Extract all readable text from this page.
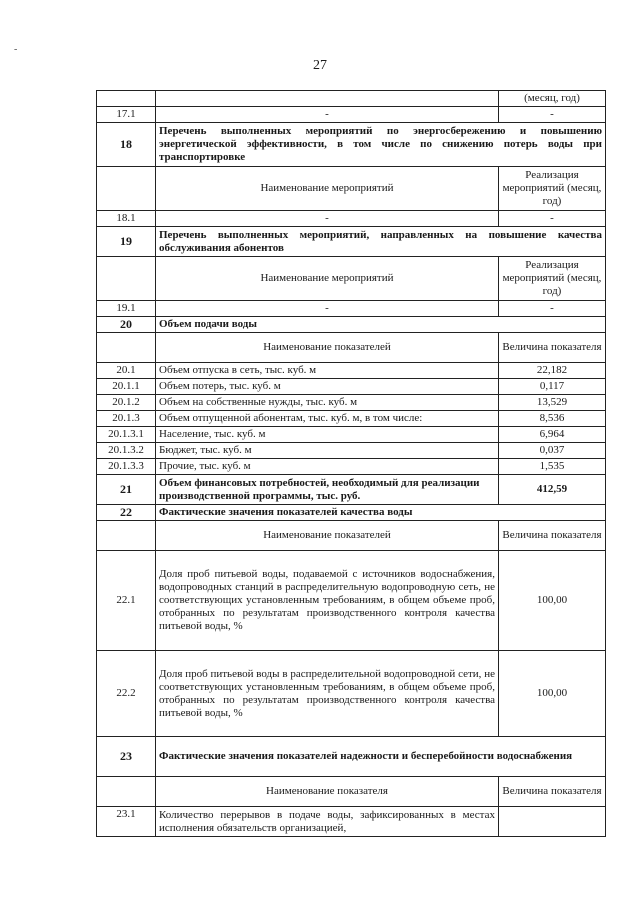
-
27
		(месяц, год)
17.1	-	-
18	Перечень выполненных мероприятий по энергосбережению и повышению энергетической эффективности, в том числе по снижению потерь воды при транспортировке	
	Наименование мероприятий	Реализация мероприятий (месяц, год)
18.1	-	-
19	Перечень выполненных мероприятий, направленных на повышение качества обслуживания абонентов	
	Наименование мероприятий	Реализация мероприятий (месяц, год)
19.1	-	-
20	Объем подачи воды	
	Наименование показателей	Величина показателя
20.1	Объем отпуска в сеть, тыс. куб. м	22,182
20.1.1	Объем потерь, тыс. куб. м	0,117
20.1.2	Объем на собственные нужды, тыс. куб. м	13,529
20.1.3	Объем отпущенной абонентам, тыс. куб. м, в том числе:	8,536
20.1.3.1	Население, тыс. куб. м	6,964
20.1.3.2	Бюджет, тыс. куб. м	0,037
20.1.3.3	Прочие, тыс. куб. м	1,535
21	Объем финансовых потребностей, необходимый для реализации производственной программы, тыс. руб.	412,59
22	Фактические значения показателей качества воды	
	Наименование показателей	Величина показателя
22.1	Доля проб питьевой воды, подаваемой с источников водоснабжения, водопроводных станций в распределительную водопроводную сеть, не соответствующих установленным требованиям, в общем объеме проб, отобранных по результатам производственного контроля качества питьевой воды, %	100,00
22.2	Доля проб питьевой воды в распределительной водопроводной сети, не соответствующих установленным требованиям, в общем объеме проб, отобранных по результатам производственного контроля качества питьевой воды, %	100,00
23	Фактические значения показателей надежности и бесперебойности водоснабжения	
	Наименование показателя	Величина показателя
23.1	Количество перерывов в подаче воды, зафиксированных в местах исполнения обязательств организацией,	
